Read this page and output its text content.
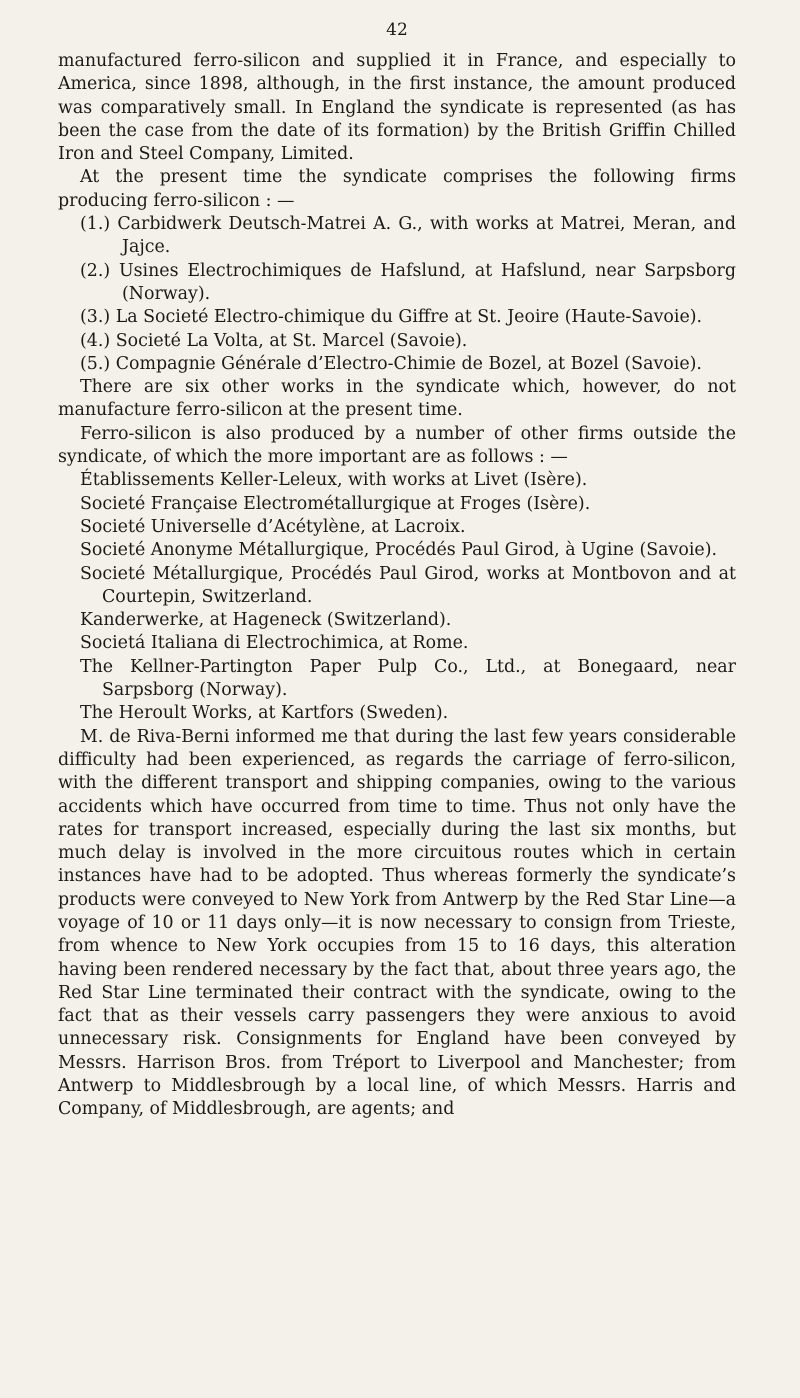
42

manufactured ferro-silicon and supplied it in France, and especially to America, since 1898, although, in the first instance, the amount produced was comparatively small. In England the syndicate is represented (as has been the case from the date of its formation) by the British Griffin Chilled Iron and Steel Company, Limited.

At the present time the syndicate comprises the following firms producing ferro-silicon : —

(1.) Carbidwerk Deutsch-Matrei A. G., with works at Matrei, Meran, and Jajce.

(2.) Usines Electrochimiques de Hafslund, at Hafslund, near Sarpsborg (Norway).

(3.) La Societé Electro-chimique du Giffre at St. Jeoire (Haute-Savoie).

(4.) Societé La Volta, at St. Marcel (Savoie).

(5.) Compagnie Générale d’Electro-Chimie de Bozel, at Bozel (Savoie).

There are six other works in the syndicate which, however, do not manufacture ferro-silicon at the present time.

Ferro-silicon is also produced by a number of other firms outside the syndicate, of which the more important are as follows : —

Établissements Keller-Leleux, with works at Livet (Isère).

Societé Française Electrométallurgique at Froges (Isère).

Societé Universelle d’Acétylène, at Lacroix.

Societé Anonyme Métallurgique, Procédés Paul Girod, à Ugine (Savoie).

Societé Métallurgique, Procédés Paul Girod, works at Montbovon and at Courtepin, Switzerland.

Kanderwerke, at Hageneck (Switzerland).

Societá Italiana di Electrochimica, at Rome.

The Kellner-Partington Paper Pulp Co., Ltd., at Bonegaard, near Sarpsborg (Norway).

The Heroult Works, at Kartfors (Sweden).

M. de Riva-Berni informed me that during the last few years considerable difficulty had been experienced, as regards the carriage of ferro-silicon, with the different transport and shipping companies, owing to the various accidents which have occurred from time to time. Thus not only have the rates for transport increased, especially during the last six months, but much delay is involved in the more circuitous routes which in certain instances have had to be adopted. Thus whereas formerly the syndicate’s products were conveyed to New York from Antwerp by the Red Star Line—a voyage of 10 or 11 days only—it is now necessary to consign from Trieste, from whence to New York occupies from 15 to 16 days, this alteration having been rendered necessary by the fact that, about three years ago, the Red Star Line terminated their contract with the syndicate, owing to the fact that as their vessels carry passengers they were anxious to avoid unnecessary risk. Consignments for England have been conveyed by Messrs. Harrison Bros. from Tréport to Liverpool and Manchester; from Antwerp to Middlesbrough by a local line, of which Messrs. Harris and Company, of Middlesbrough, are agents; and
